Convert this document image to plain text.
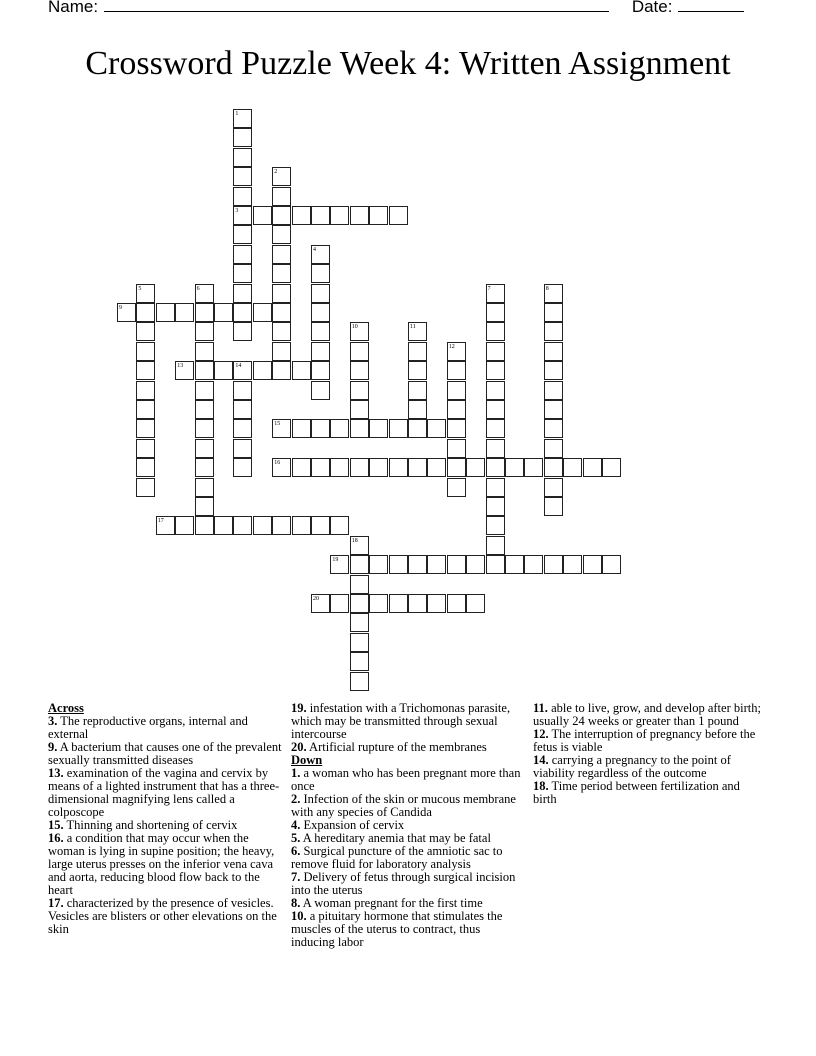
Name:	Date:
Crossword Puzzle Week 4: Written Assignment
1
3
2
4
5	6	7	8
9
10	11
12
13	14
15
16
17
18
19
20

Across

3. The reproductive organs, internal and external

9. A bacterium that causes one of the prevalent sexually transmitted diseases

13. examination of the vagina and cervix by means of a lighted instrument that has a three-dimensional magnifying lens called a colposcope

15. Thinning and shortening of cervix

16. a condition that may occur when the woman is lying in supine position; the heavy, large uterus presses on the inferior vena cava and aorta, reducing blood flow back to the heart

17. characterized by the presence of vesicles. Vesicles are blisters or other elevations on the skin

19. infestation with a Trichomonas parasite, which may be transmitted through sexual intercourse

20. Artificial rupture of the membranes

Down

1. a woman who has been pregnant more than once

2. Infection of the skin or mucous membrane with any species of Candida

4. Expansion of cervix

5. A hereditary anemia that may be fatal

6. Surgical puncture of the amniotic sac to remove fluid for laboratory analysis

7. Delivery of fetus through surgical incision into the uterus

8. A woman pregnant for the first time

10. a pituitary hormone that stimulates the muscles of the uterus to contract, thus inducing labor

11. able to live, grow, and develop after birth; usually 24 weeks or greater than 1 pound

12. The interruption of pregnancy before the fetus is viable

14. carrying a pregnancy to the point of viability regardless of the outcome

18. Time period between fertilization and birth
